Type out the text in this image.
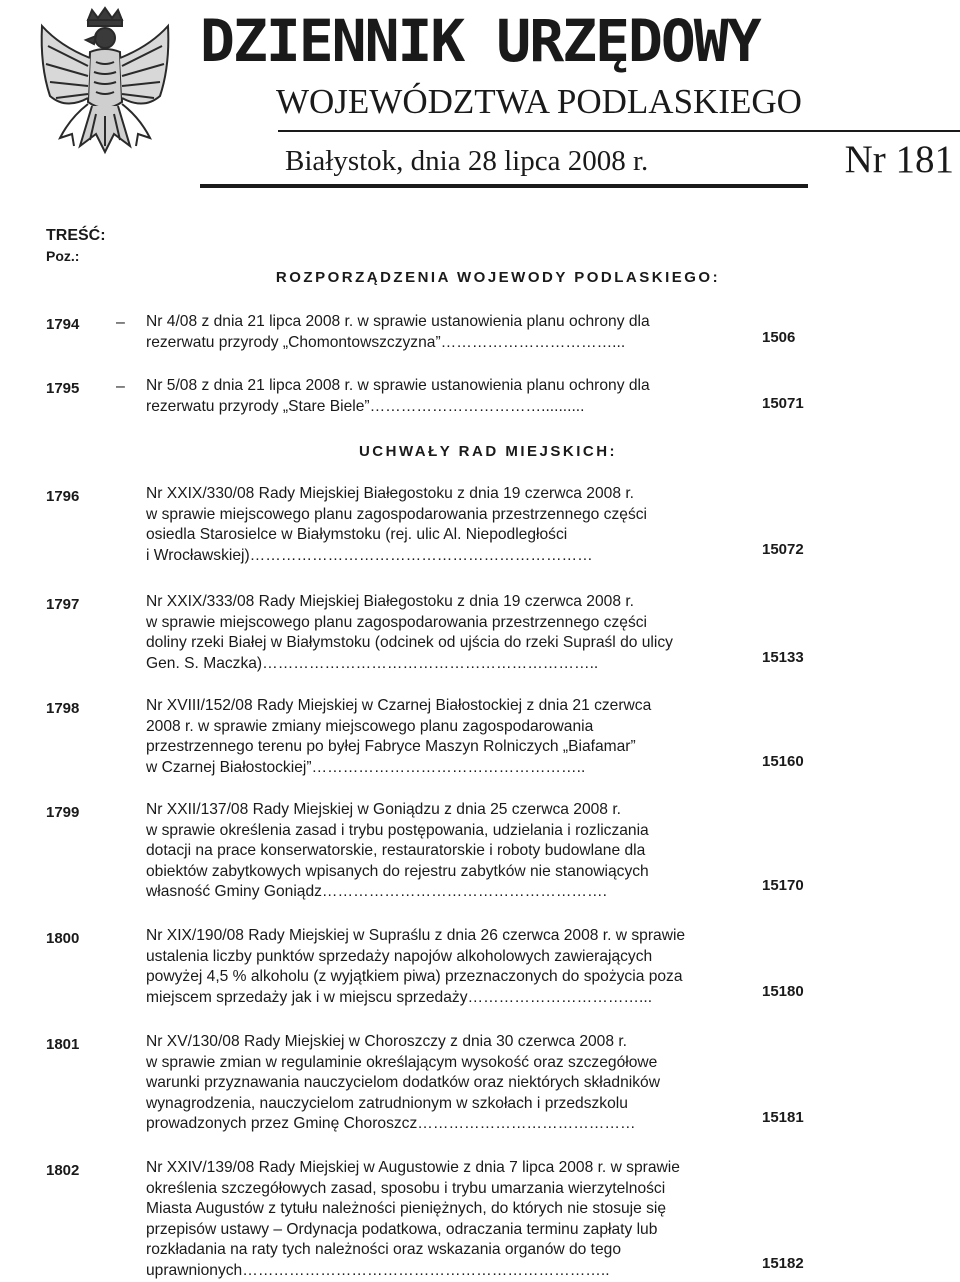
DZIENNIK URZĘDOWY
WOJEWÓDZTWA PODLASKIEGO
Białystok, dnia 28 lipca 2008 r.	Nr 181
TREŚĆ:
Poz.:
ROZPORZĄDZENIA WOJEWODY PODLASKIEGO:
UCHWAŁY RAD MIEJSKICH:
1794 – Nr 4/08 z dnia 21 lipca 2008 r. w sprawie ustanowienia planu ochrony dla

rezerwatu przyrody „Chomontowszczyzna”……………………………...	1506
1795 – Nr 5/08 z dnia 21 lipca 2008 r. w sprawie ustanowienia planu ochrony dla

rezerwatu przyrody „Stare Biele”……………………………..........	15071
1796	Nr XXIX/330/08 Rady Miejskiej Białegostoku z dnia 19 czerwca 2008 r.

w sprawie miejscowego planu zagospodarowania przestrzennego części

osiedla Starosielce w Białymstoku (rej. ulic Al. Niepodległości

i Wrocławskiej)…………………………………………………………	15072
1797	Nr XXIX/333/08 Rady Miejskiej Białegostoku z dnia 19 czerwca 2008 r.

w sprawie miejscowego planu zagospodarowania przestrzennego części

doliny rzeki Białej w Białymstoku (odcinek od ujścia do rzeki Supraśl do ulicy

Gen. S. Maczka)………………………………………………………..	15133
1798	Nr XVIII/152/08 Rady Miejskiej w Czarnej Białostockiej z dnia 21 czerwca

2008 r. w sprawie zmiany miejscowego planu zagospodarowania

przestrzennego terenu po byłej Fabryce Maszyn Rolniczych „Biafamar”

w Czarnej Białostockiej”……………………………………………..	15160
1799	Nr XXII/137/08 Rady Miejskiej w Goniądzu z dnia 25 czerwca 2008 r.

w sprawie określenia zasad i trybu postępowania, udzielania i rozliczania

dotacji na prace konserwatorskie, restauratorskie i roboty budowlane dla

obiektów zabytkowych wpisanych do rejestru zabytków nie stanowiących

własność Gminy Goniądz……………………………………………….	15170
1800	Nr XIX/190/08 Rady Miejskiej w Supraślu z dnia 26 czerwca 2008 r. w sprawie

ustalenia liczby punktów sprzedaży napojów alkoholowych zawierających

powyżej 4,5 % alkoholu (z wyjątkiem piwa) przeznaczonych do spożycia poza

miejscem sprzedaży jak i w miejscu sprzedaży……………………………...	15180
1801	Nr XV/130/08 Rady Miejskiej w Choroszczy z dnia 30 czerwca 2008 r.

w sprawie zmian w regulaminie określającym wysokość oraz szczegółowe

warunki przyznawania nauczycielom dodatków oraz niektórych składników

wynagrodzenia, nauczycielom zatrudnionym w szkołach i przedszkolu

prowadzonych przez Gminę Choroszcz……………………………………	15181
1802	Nr XXIV/139/08 Rady Miejskiej w Augustowie z dnia 7 lipca 2008 r. w sprawie

określenia szczegółowych zasad, sposobu i trybu umarzania wierzytelności

Miasta Augustów z tytułu należności pieniężnych, do których nie stosuje się

przepisów ustawy – Ordynacja podatkowa, odraczania terminu zapłaty lub

rozkładania na raty tych należności oraz wskazania organów do tego

uprawnionych……………………………………………………………..	15182
